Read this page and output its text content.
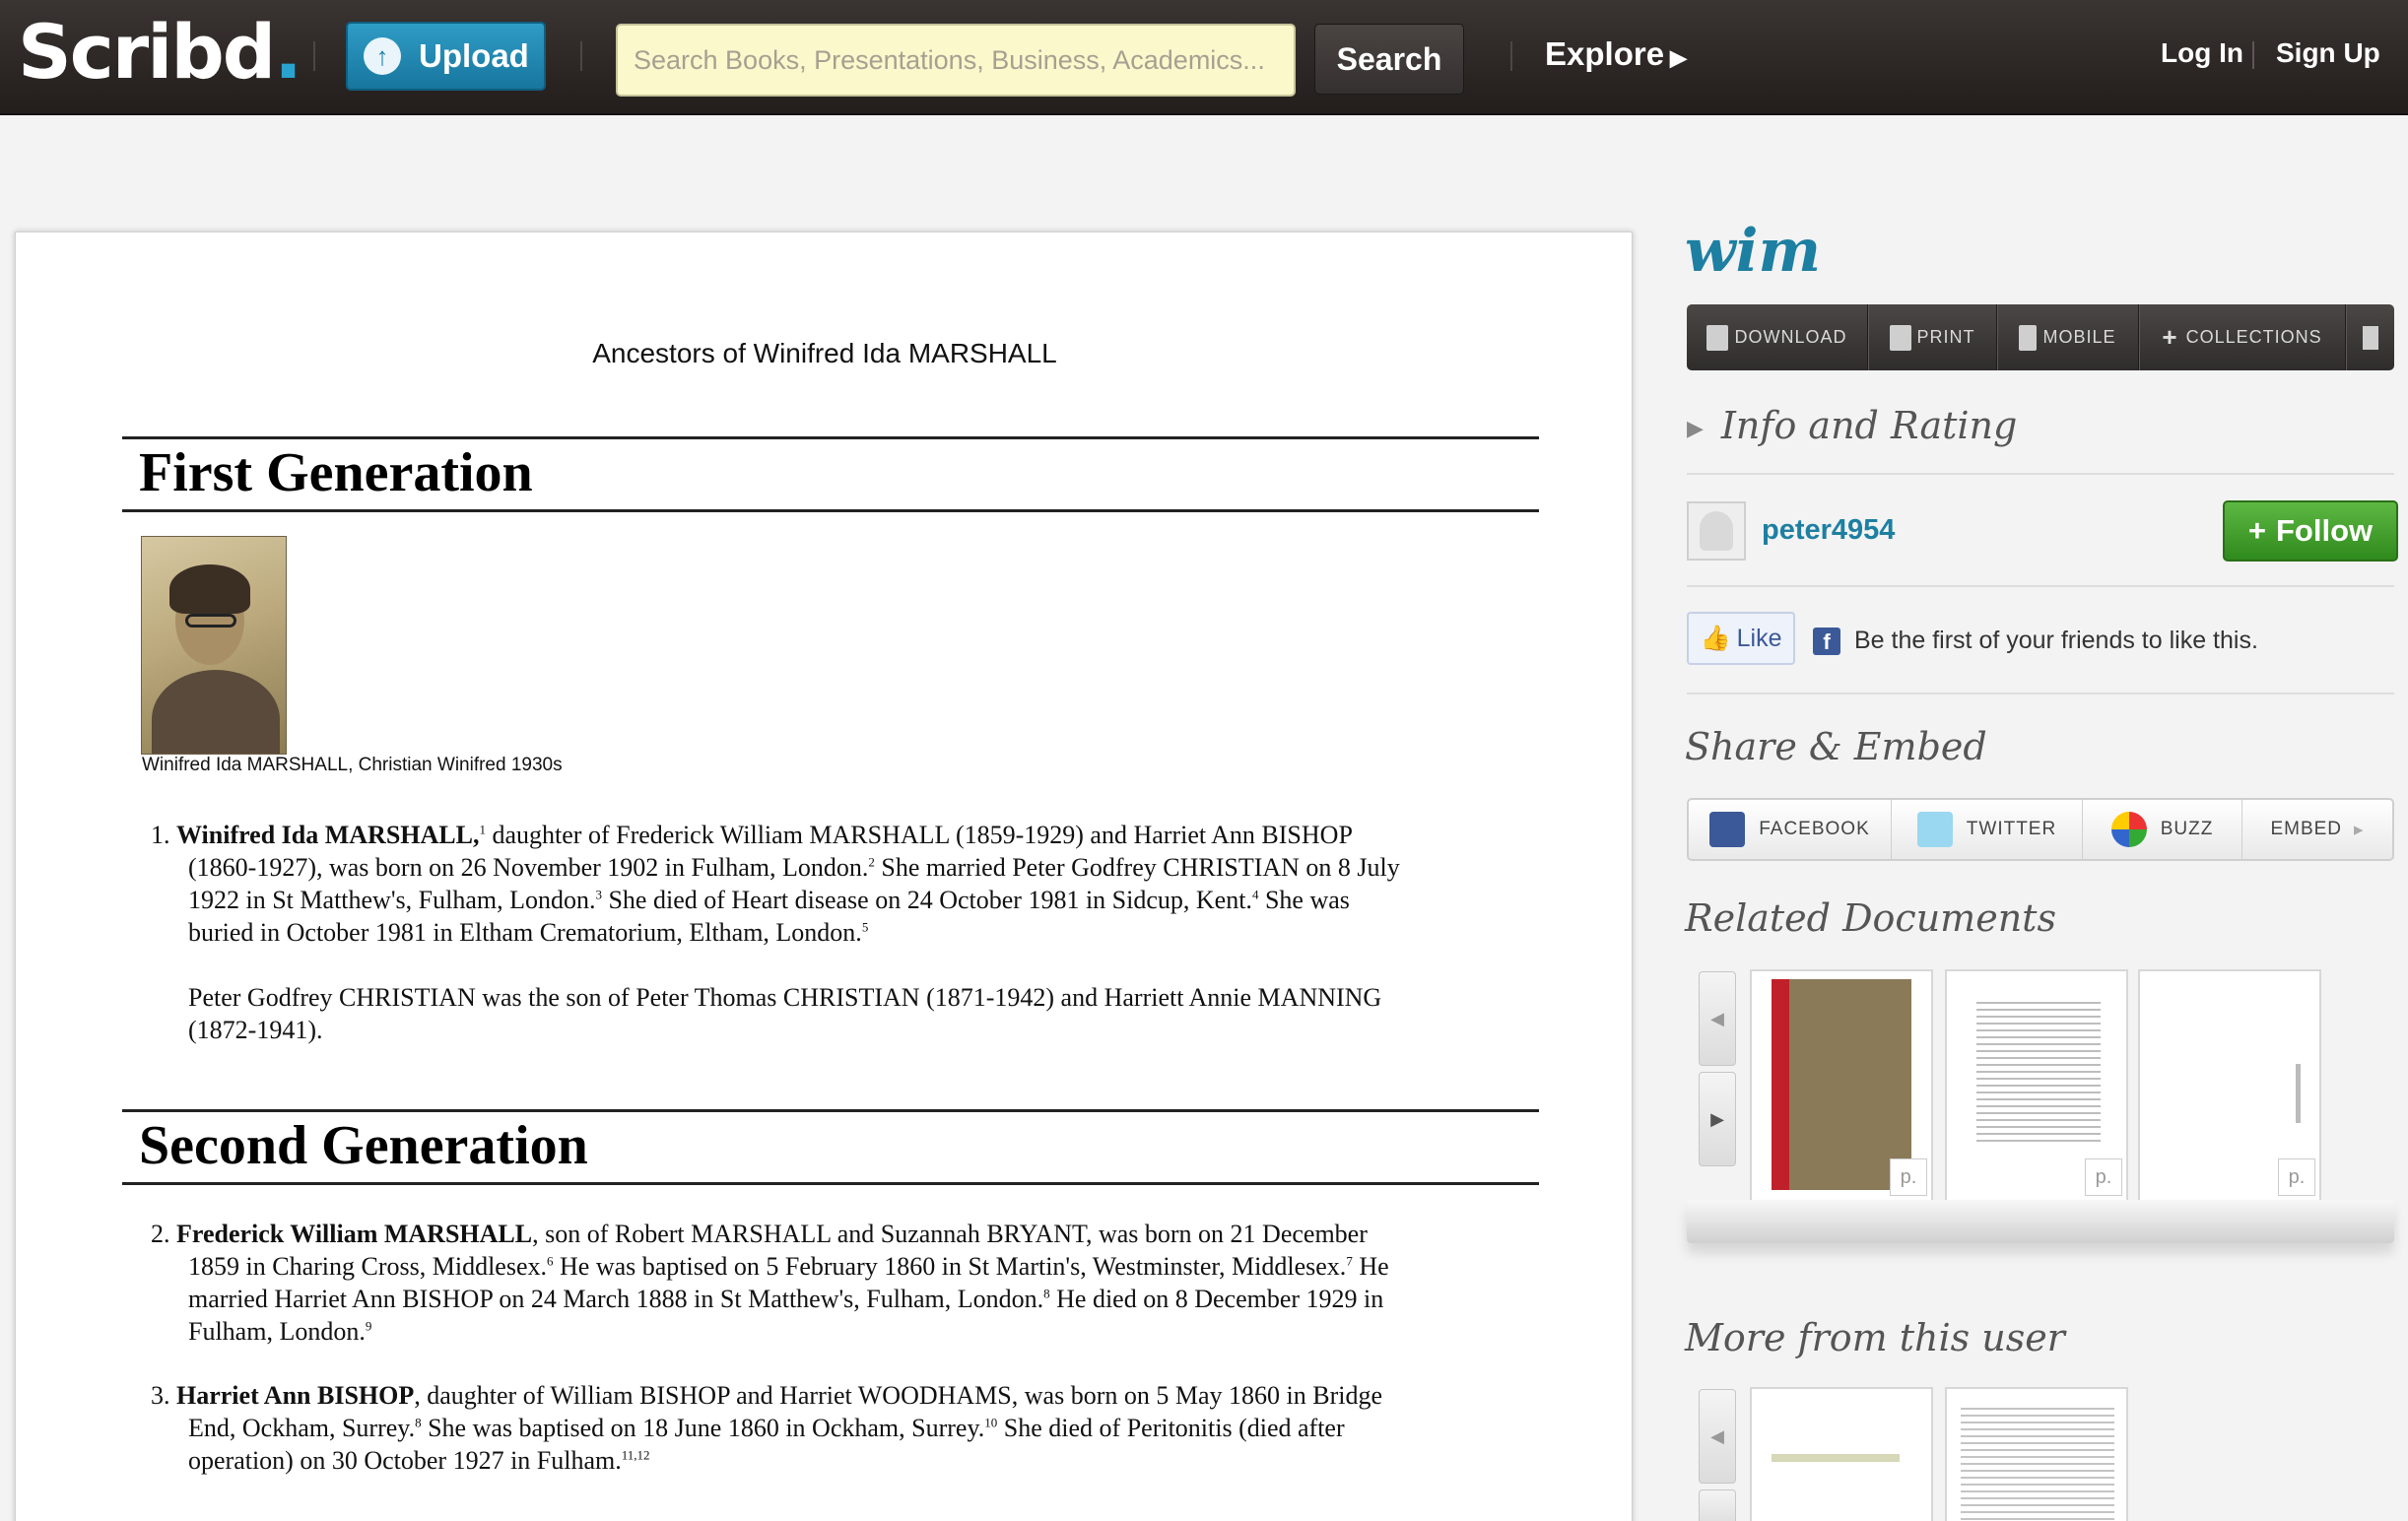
Scribd.	↑ Upload
Search Books, Presentations, Business, Academics...	Search	Explore ▶	Log In Sign Up
Ancestors of Winifred Ida MARSHALL
First Generation
Winifred Ida MARSHALL, Christian Winifred 1930s
1. Winifred Ida MARSHALL,$^1$ daughter of Frederick William MARSHALL (1859-1929) and Harriet Ann BISHOP
(1860-1927), was born on 26 November 1902 in Fulham, London.$^2$ She married Peter Godfrey CHRISTIAN on 8 July
1922 in St Matthew's, Fulham, London.$^3$ She died of Heart disease on 24 October 1981 in Sidcup, Kent.$^4$ She was
buried in October 1981 in Eltham Crematorium, Eltham, London.$^5$
Peter Godfrey CHRISTIAN was the son of Peter Thomas CHRISTIAN (1871-1942) and Harriett Annie MANNING
(1872-1941).
Second Generation
2. Frederick William MARSHALL, son of Robert MARSHALL and Suzannah BRYANT, was born on 21 December
1859 in Charing Cross, Middlesex.$^6$ He was baptised on 5 February 1860 in St Martin's, Westminster, Middlesex.$^7$ He
married Harriet Ann BISHOP on 24 March 1888 in St Matthew's, Fulham, London.$^8$ He died on 8 December 1929 in
Fulham, London.$^9$
3. Harriet Ann BISHOP, daughter of William BISHOP and Harriet WOODHAMS, was born on 5 May 1860 in Bridge
End, Ockham, Surrey.$^8$ She was baptised on 18 June 1860 in Ockham, Surrey.$^{10}$ She died of Peritonitis (died after
operation) on 30 October 1927 in Fulham.$^{11,12}$
wim
DOWNLOAD	PRINT	MOBILE + COLLECTIONS
▶ Info and Rating
peter4954	+ Follow
👍 Like	f Be the first of your friends to like this.
Share & Embed
FACEBOOK	TWITTER	BUZZ	EMBED ▸
Related Documents
◀
▶
p.	p.	p.
More from this user
◀
